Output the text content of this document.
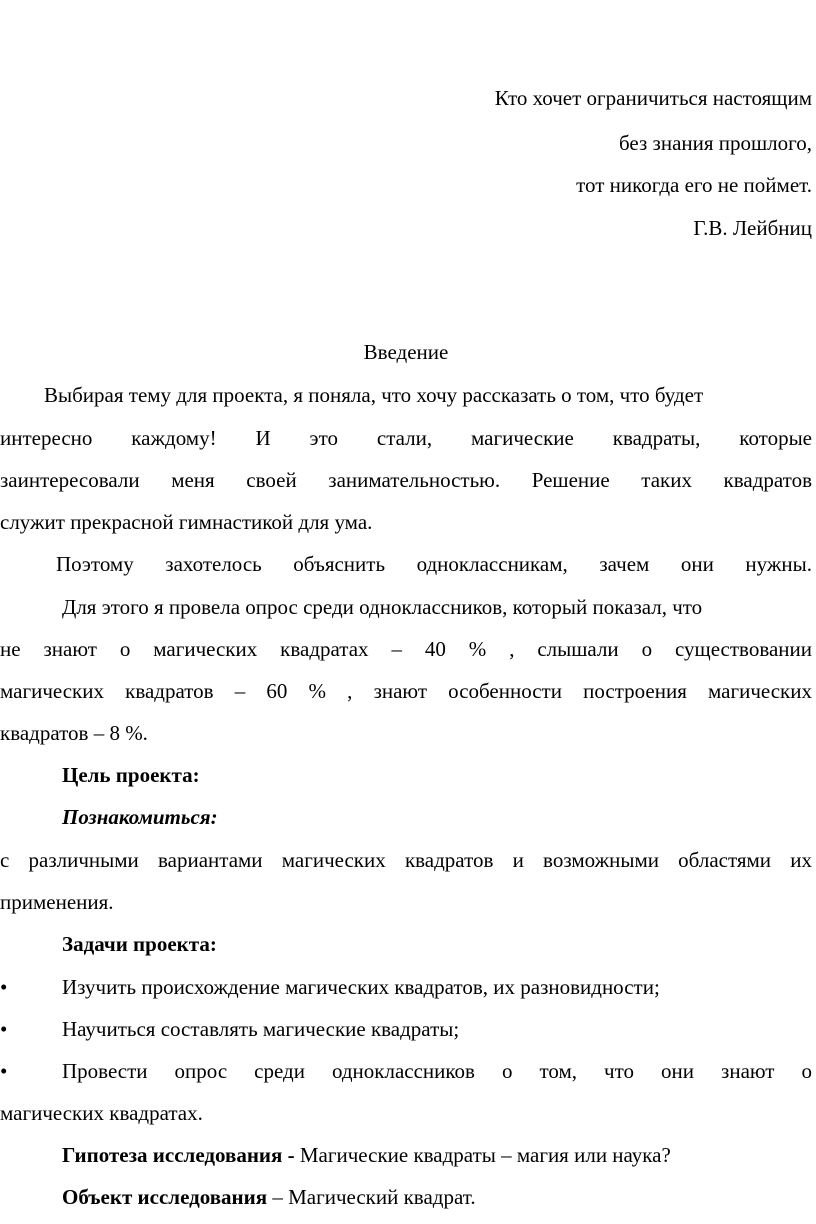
Кто хочет ограничиться настоящим
без знания прошлого,
тот никогда его не поймет.
Г.В. Лейбниц
Введение
Выбирая тему для проекта, я поняла, что хочу рассказать о том, что будет
интересно каждому! И это стали, магические квадраты, которые
заинтересовали меня своей занимательностью. Решение таких квадратов
служит прекрасной гимнастикой для ума.
Поэтому захотелось объяснить одноклассникам, зачем они нужны.
Для этого я провела опрос среди одноклассников, который показал, что
не знают о магических квадратах – 40 % , слышали о существовании
магических квадратов – 60 % , знают особенности построения магических
квадратов – 8 %.
Цель проекта:
Познакомиться:
с различными вариантами магических квадратов и возможными областями их
применения.
Задачи проекта:
•	Изучить происхождение магических квадратов, их разновидности;
•	Научиться составлять магические квадраты;
•	Провести опрос среди одноклассников о том, что они знают о
магических квадратах.
Гипотеза исследования - Магические квадраты – магия или наука?
Объект исследования – Магический квадрат.
